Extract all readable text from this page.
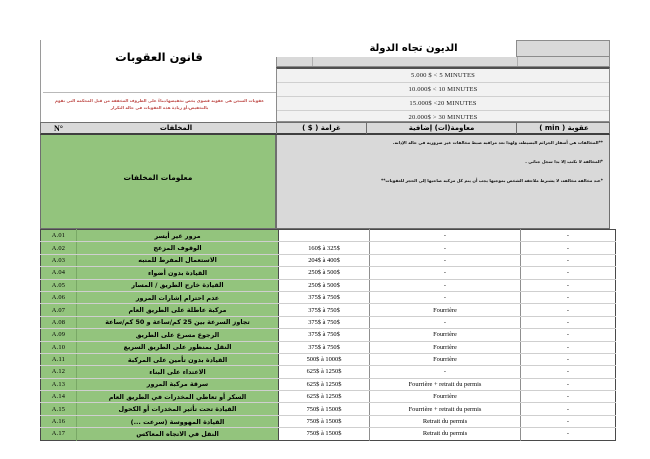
قانون العقوبات
عقوبات السجن هي عقوبة قصوى يخص تخفيضها،بناءً على الظروف المخففة من قبل المحكمة التي تقوم بالتخفيض،أو زيادة هذه العقوبات في حالة التكرار
الديون تجاه الدولة
5.000 $ < 5 MINUTES
10.000$ < 10 MINUTES
15.000$ <20 MINUTES
20.000$ > 30 MINUTES
N°	المخلفات	غرامة ( $ )	معاومة(ات) إضافية	عقوبة ( min )
معلومات المخلفات
**المخالفات هي أسفار الجرائم البسيطة، ولهذا تعد مراقبة ضبط مخالفات غير ضرورية في حالة الإدانة.
*المخالفة لا تكتب إلا بدا سجل جنائي .
*عند مخالفة مخالفة، لا يشترط ملاحقة الشخص بموجبها يجب أن يتم كل مركبة صاحبها إلى الحجز للعقوبات**
A.01	مرور غير أيسر		-	-
A.02	الوقوف المزعج	160$ à 325$	-	-
A.03	الاستعمال المفرط للمنبه	204$ à 400$	-	-
A.04	القيادة بدون أضواء	250$ à 500$	-	-
A.05	القيادة خارج الطريق / المسار	250$ à 500$	-	-
A.06	عدم احترام إشارات المرور	375$ à 750$	-	-
A.07	مركبة عاطلة على الطريق العام	375$ à 750$	Fourrière	-
A.08	تجاوز السرعة بين 25 كم/ساعة و 50 كم/ساعة	375$ à 750$	-	-
A.09	الرجوع مسرع على الطريق	375$ à 750$	Fourrière	-
A.10	النقل بمنظور على الطريق السريع	375$ à 750$	Fourrière	-
A.11	القيادة بدون تأمين على المركبة	500$ à 1000$	Fourrière	-
A.12	الاعتداء على البناء	625$ à 1250$	-	-
A.13	سرقة مركبة المرور	625$ à 1250$	Fourrière + retrait du permis	-
A.14	السكر أو تعاطي المخدرات في الطريق العام	625$ à 1250$	Fourrière	-
A.15	القيادة تحت تأثير المخدرات أو الكحول	750$ à 1500$	Fourrière + retrait du permis	-
A.16	القيادة المهووسة (سرعت ...)	750$ à 1500$	Retrait du permis	-
A.17	النقل في الاتجاه المعاكس	750$ à 1500$	Retrait du permis	-
